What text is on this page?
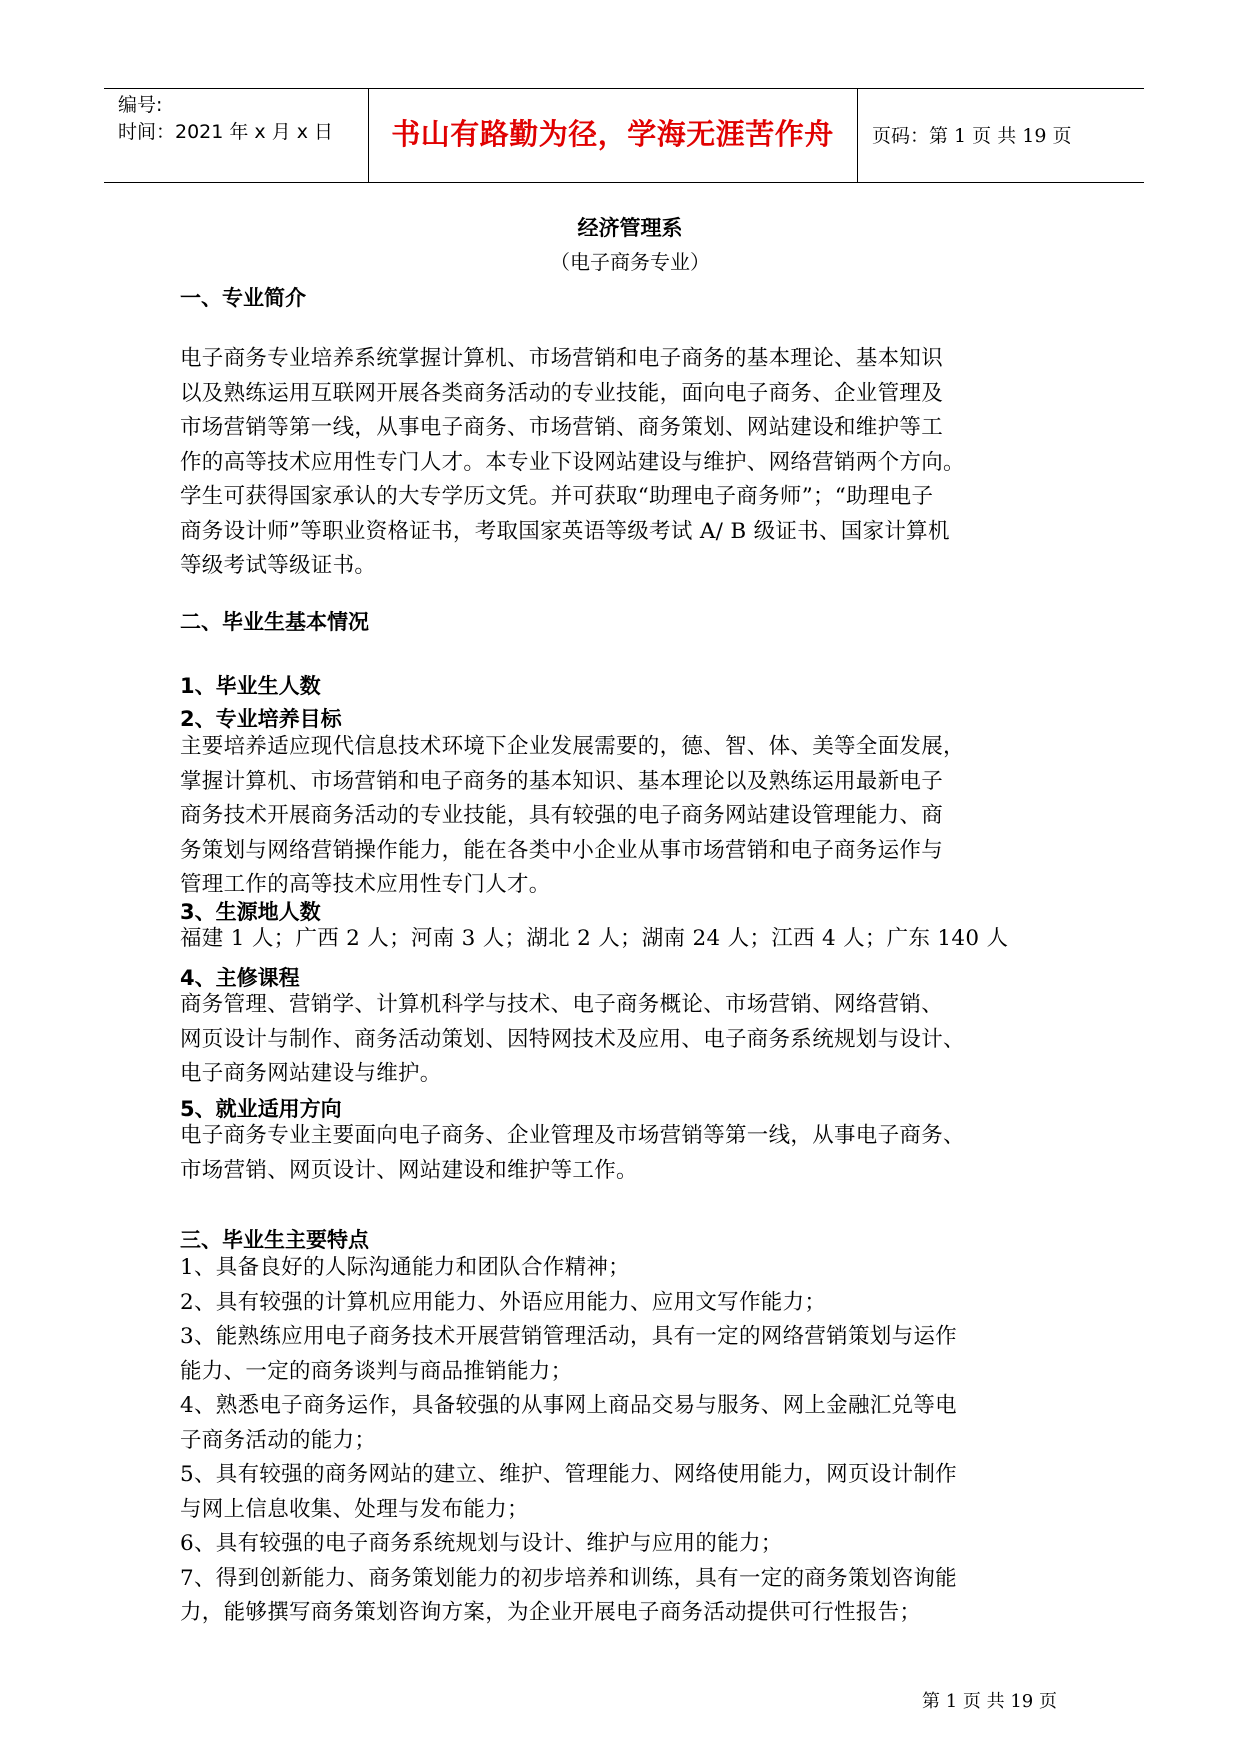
编号:
时间：2021 年 x 月 x 日	书山有路勤为径，学海无涯苦作舟	页码：第 1 页 共 19 页
经济管理系
（电子商务专业）
一、专业简介
电子商务专业培养系统掌握计算机、市场营销和电子商务的基本理论、基本知识
以及熟练运用互联网开展各类商务活动的专业技能，面向电子商务、企业管理及
市场营销等第一线，从事电子商务、市场营销、商务策划、网站建设和维护等工
作的高等技术应用性专门人才。本专业下设网站建设与维护、网络营销两个方向。
学生可获得国家承认的大专学历文凭。并可获取“助理电子商务师”；“助理电子
商务设计师”等职业资格证书，考取国家英语等级考试 A/ B 级证书、国家计算机
等级考试等级证书。
二、毕业生基本情况
1、毕业生人数
2、专业培养目标
主要培养适应现代信息技术环境下企业发展需要的，德、智、体、美等全面发展，
掌握计算机、市场营销和电子商务的基本知识、基本理论以及熟练运用最新电子
商务技术开展商务活动的专业技能，具有较强的电子商务网站建设管理能力、商
务策划与网络营销操作能力，能在各类中小企业从事市场营销和电子商务运作与
管理工作的高等技术应用性专门人才。
3、生源地人数
福建 1 人；广西 2 人；河南 3 人；湖北 2 人；湖南 24 人；江西 4 人；广东 140 人
4、主修课程
商务管理、营销学、计算机科学与技术、电子商务概论、市场营销、网络营销、
网页设计与制作、商务活动策划、因特网技术及应用、电子商务系统规划与设计、
电子商务网站建设与维护。
5、就业适用方向
电子商务专业主要面向电子商务、企业管理及市场营销等第一线，从事电子商务、
市场营销、网页设计、网站建设和维护等工作。
三、毕业生主要特点
1、具备良好的人际沟通能力和团队合作精神；
2、具有较强的计算机应用能力、外语应用能力、应用文写作能力；
3、能熟练应用电子商务技术开展营销管理活动，具有一定的网络营销策划与运作
能力、一定的商务谈判与商品推销能力；
4、熟悉电子商务运作，具备较强的从事网上商品交易与服务、网上金融汇兑等电
子商务活动的能力；
5、具有较强的商务网站的建立、维护、管理能力、网络使用能力，网页设计制作
与网上信息收集、处理与发布能力；
6、具有较强的电子商务系统规划与设计、维护与应用的能力；
7、得到创新能力、商务策划能力的初步培养和训练，具有一定的商务策划咨询能
力，能够撰写商务策划咨询方案，为企业开展电子商务活动提供可行性报告；
第 1 页 共 19 页
